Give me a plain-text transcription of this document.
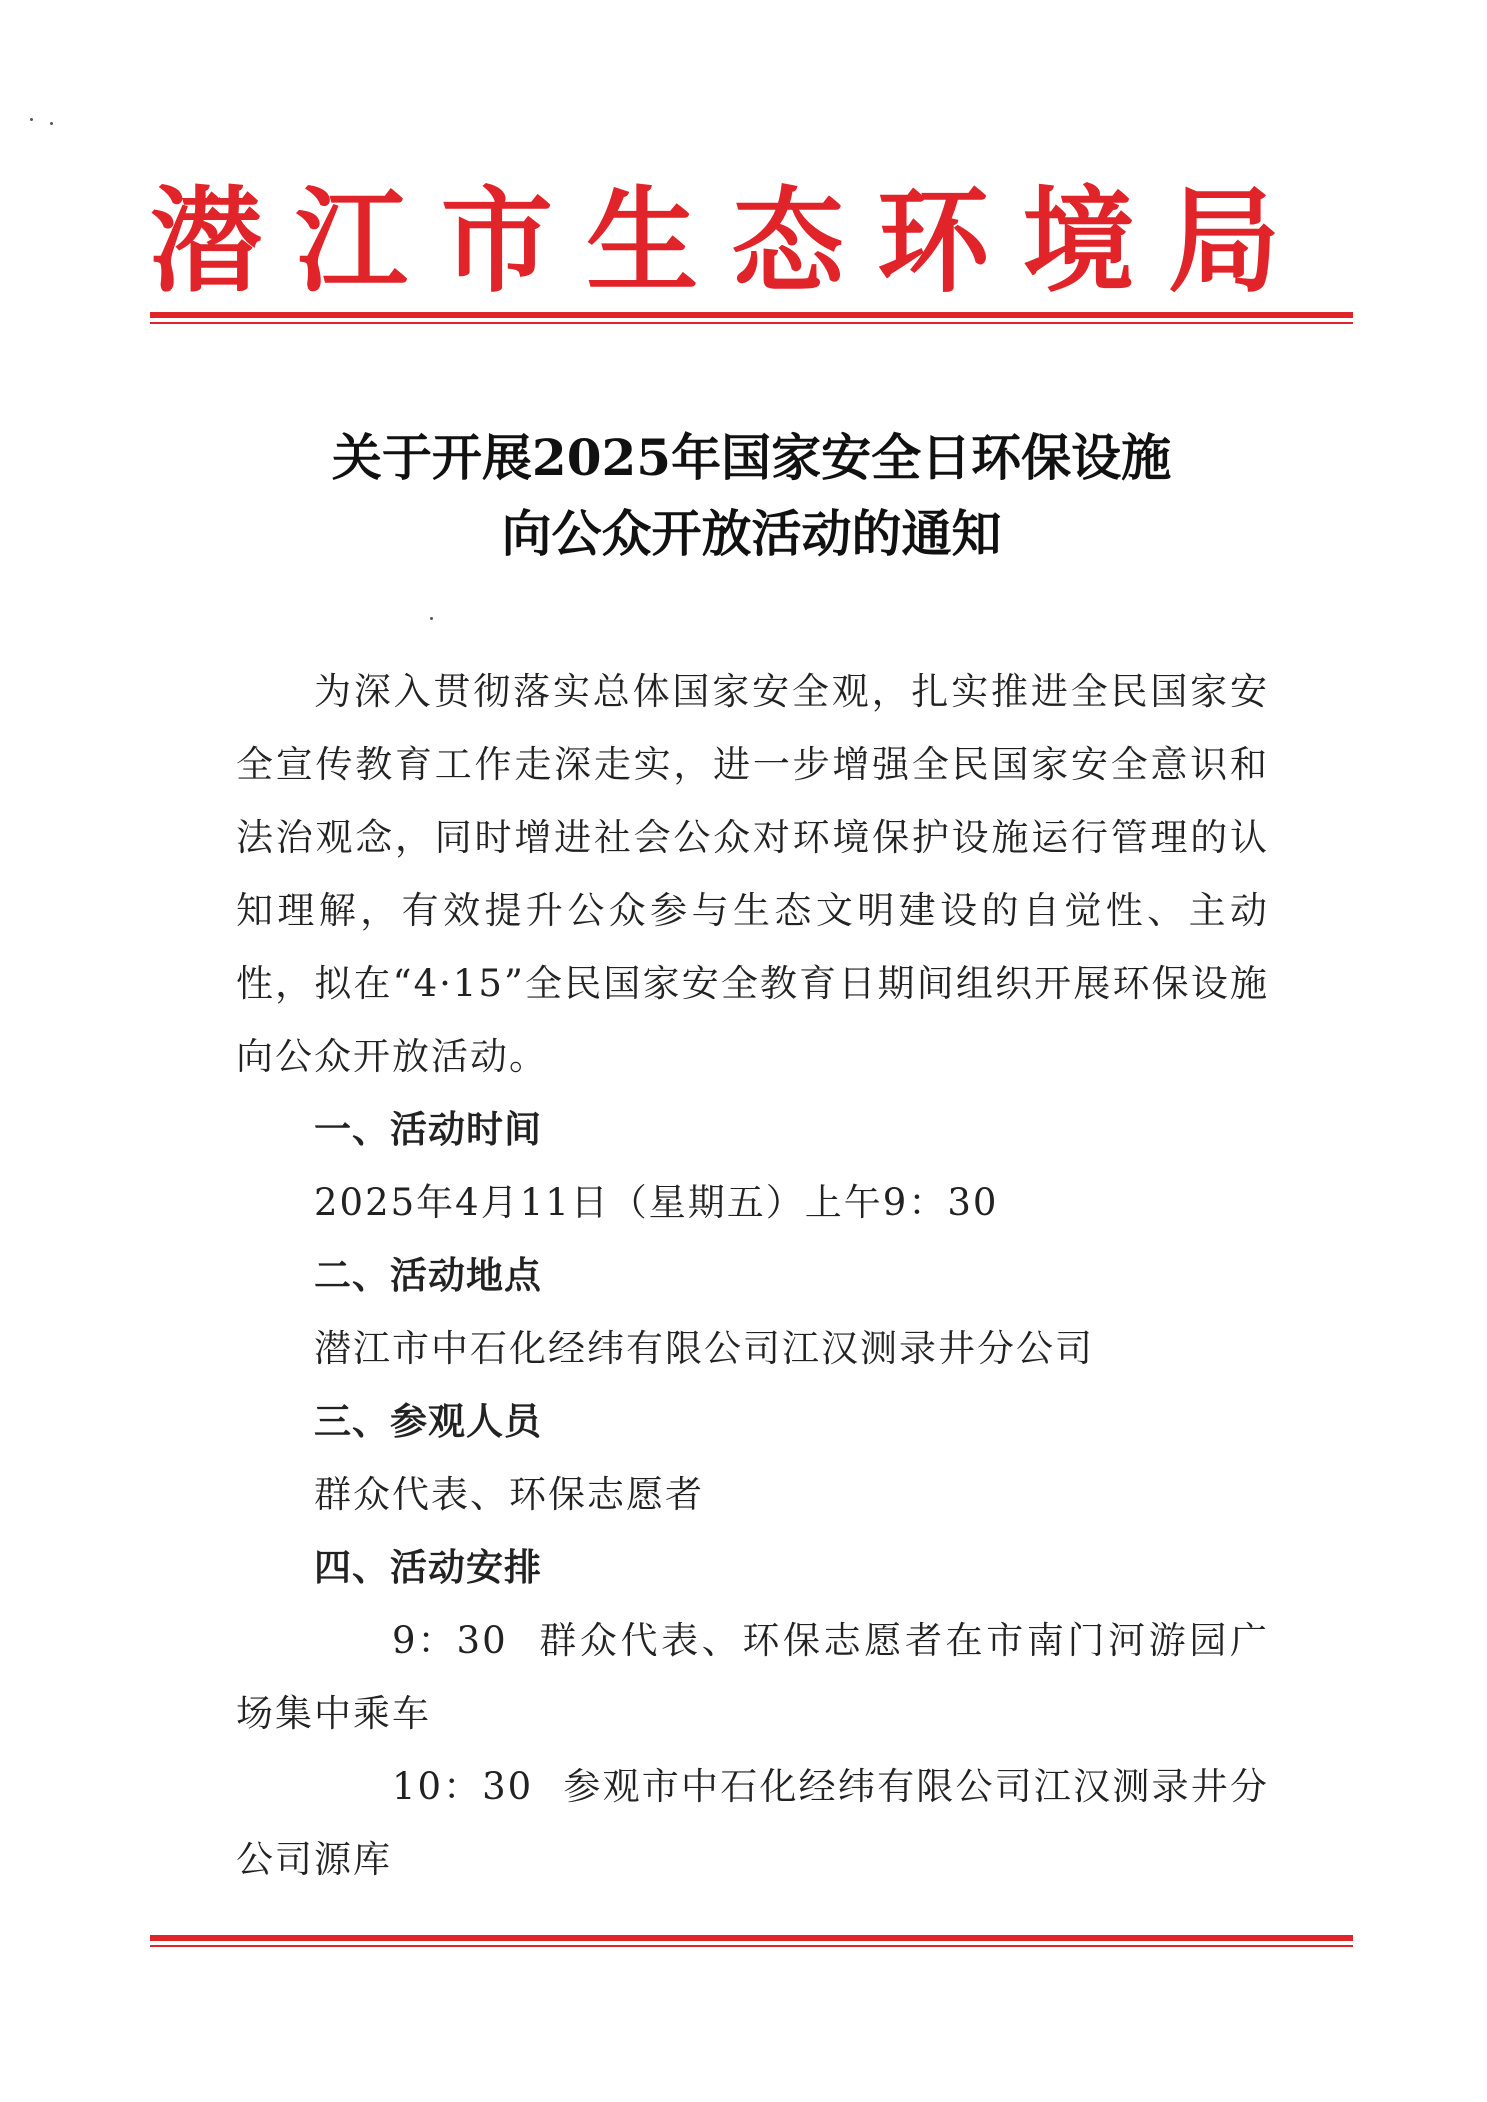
潜 江 市 生 态 环 境 局
关于开展2025年国家安全日环保设施
向公众开放活动的通知

为深入贯彻落实总体国家安全观，扎实推进全民国家安全宣传教育工作走深走实，进一步增强全民国家安全意识和法治观念，同时增进社会公众对环境保护设施运行管理的认知理解，有效提升公众参与生态文明建设的自觉性、主动性，拟在“4·15”全民国家安全教育日期间组织开展环保设施向公众开放活动。

一、活动时间

2025年4月11日（星期五）上午9：30

二、活动地点

潜江市中石化经纬有限公司江汉测录井分公司

三、参观人员

群众代表、环保志愿者

四、活动安排

9：30 群众代表、环保志愿者在市南门河游园广场集中乘车

10：30 参观市中石化经纬有限公司江汉测录井分公司源库
